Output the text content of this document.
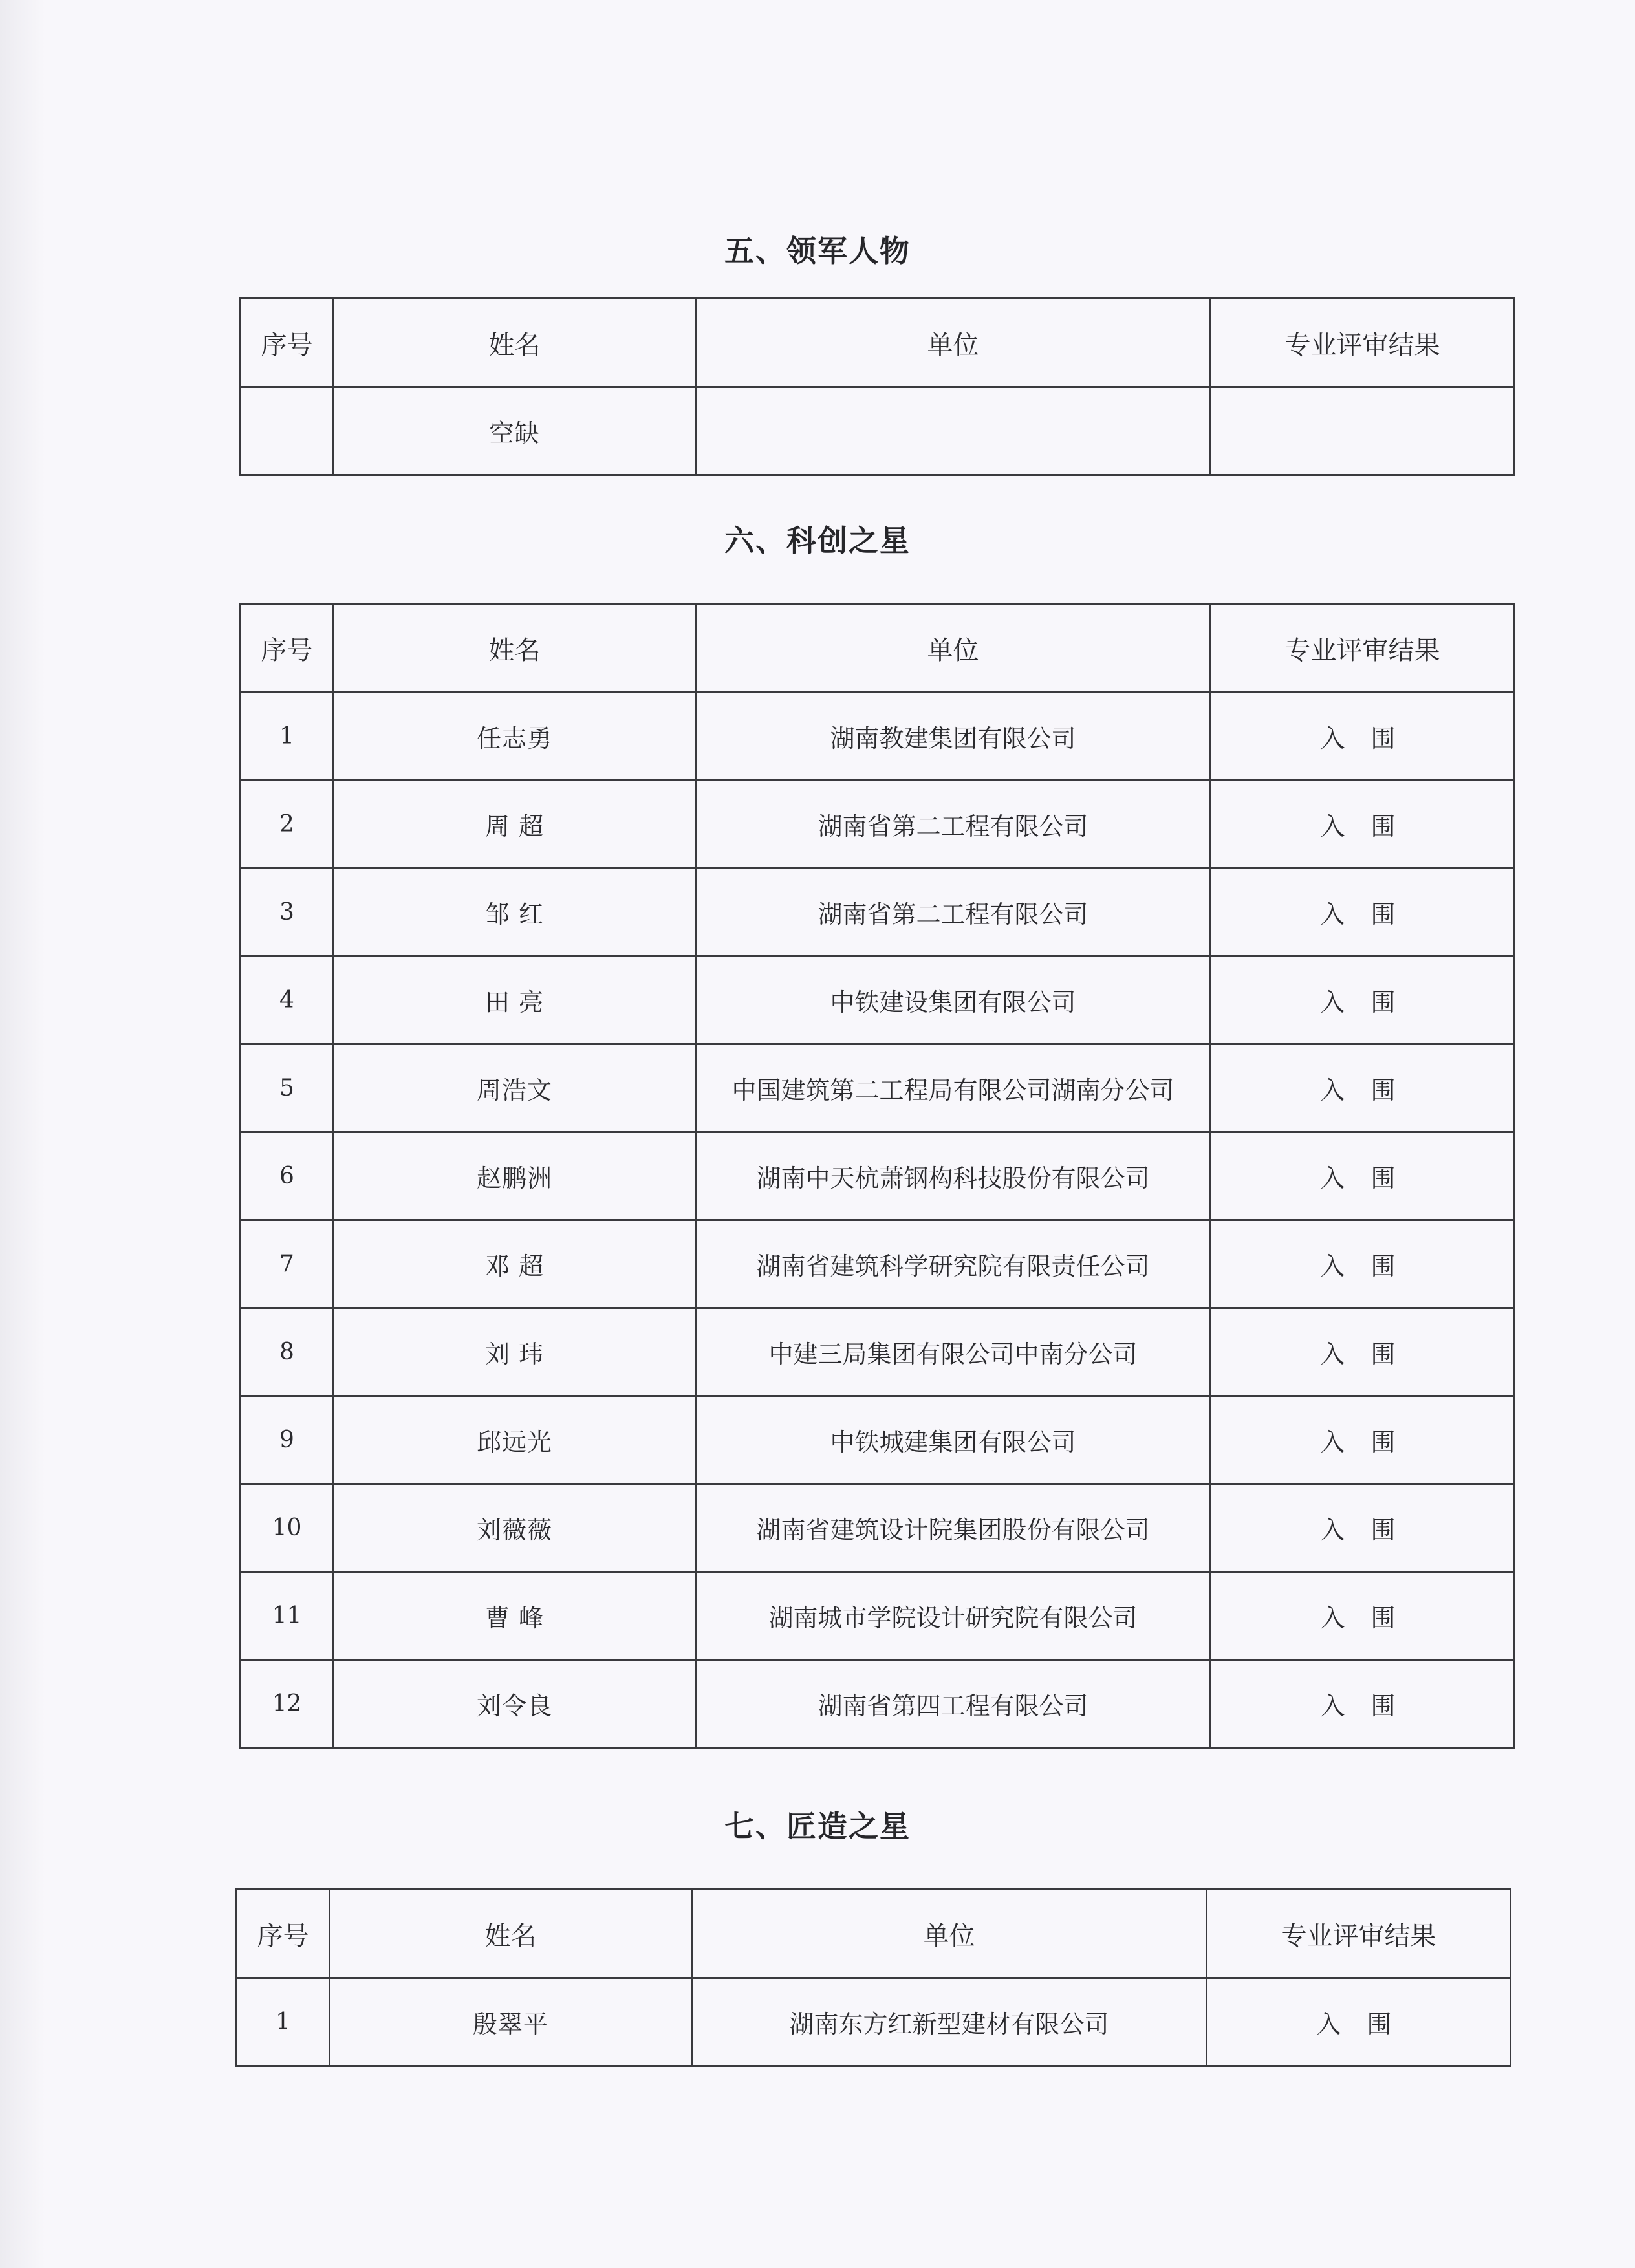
五、领军人物
序号	姓名	单位	专业评审结果
	空缺		
六、科创之星
序号	姓名	单位	专业评审结果
1	任志勇	湖南教建集团有限公司	入 围
2	周 超	湖南省第二工程有限公司	入 围
3	邹 红	湖南省第二工程有限公司	入 围
4	田 亮	中铁建设集团有限公司	入 围
5	周浩文	中国建筑第二工程局有限公司湖南分公司	入 围
6	赵鹏洲	湖南中天杭萧钢构科技股份有限公司	入 围
7	邓 超	湖南省建筑科学研究院有限责任公司	入 围
8	刘 玮	中建三局集团有限公司中南分公司	入 围
9	邱远光	中铁城建集团有限公司	入 围
10	刘薇薇	湖南省建筑设计院集团股份有限公司	入 围
11	曹 峰	湖南城市学院设计研究院有限公司	入 围
12	刘令良	湖南省第四工程有限公司	入 围
七、匠造之星
序号	姓名	单位	专业评审结果
1	殷翠平	湖南东方红新型建材有限公司	入 围
